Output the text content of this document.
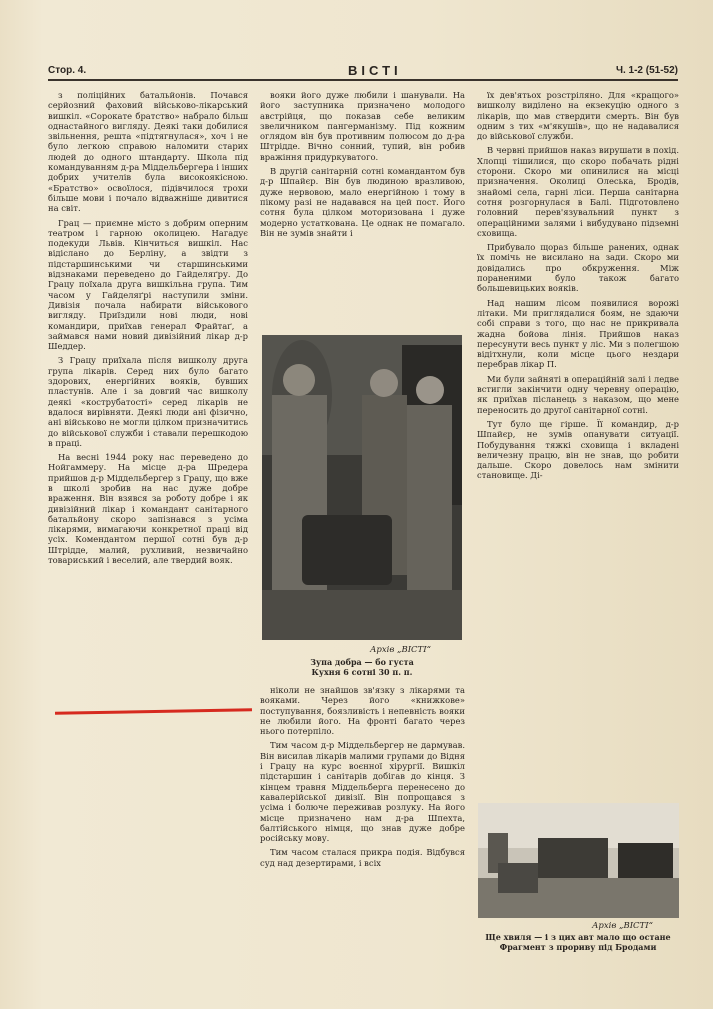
Стор. 4.	ВІСТІ	Ч. 1-2 (51-52)

з поліційних батальйонів. Почався серйозний фаховий військово-лікарський вишкіл. «Сорокате братство» набрало більш однастайного вигляду. Деякі таки добилися звільнення, решта «підтягнулася», хоч і не було легкою справою наломити старих людей до одного штандарту. Школа під командуванням д-ра Міддельбергера і інших добрих учителів була високоякісною. «Братство» освоїлося, підівчилося трохи більше мови і почало відважніше дивитися на світ.

Грац — приємне місто з добрим оперним театром і гарною околицею. Нагадує подекуди Львів. Кінчиться вишкіл. Нас відіслано до Берліну, а звідти з підстаршинськими чи старшинськими відзнаками переведено до Гайделяґру. До Грацу поїхала друга вишкільна група. Тим часом у Гайделяґрі наступили зміни. Дивізія почала набирати військового вигляду. Приїздили нові люди, нові командири, приїхав генерал Фрайтаґ, а займався нами новий дивізійний лікар д-р Шеддер.

З Грацу приїхала після вишколу друга група лікарів. Серед них було багато здорових, енергійних вояків, бувших пластунів. Але і за довгий час вишколу деякі «кострубатості» серед лікарів не вдалося вирівняти. Деякі люди ані фізично, ані військово не могли цілком призначитись до військової служби і ставали перешкодою в праці.

На весні 1944 року нас переведено до Нойгаммеру. На місце д-ра Шредера прийшов д-р Міддельбергер з Грацу, що вже в школі зробив на нас дуже добре враження. Він взявся за роботу добре і як дивізійний лікар і командант санітарного батальйону скоро запізнався з усіма лікарями, вимагаючи конкретної праці від усіх. Комендантом першої сотні був д-р Штрідде, малий, рухливий, незвичайно товариський і веселий, але твердий вояк.

вояки його дуже любили і шанували. На його заступника призначено молодого австрійця, що показав себе великим звеличником пангерманізму. Під кожним оглядом він був противним полюсом до д-ра Штрідде. Вічно сонний, тупий, він робив вражіння придуркуватого.

В другій санітарній сотні командантом був д-р Шпайєр. Він був людиною вразливою, дуже нервовою, мало енергійною і тому в пікому разі не надавався на цей пост. Його сотня була цілком моторизована і дуже модерно устаткована. Це однак не помагало. Він не зумів знайти і

Архів „ВІСТІ“
Зупа добра — бо густа
Кухня 6 сотні 30 п. п.

ніколи не знайшов зв'язку з лікарями та вояками. Через його «книжкове» поступування, боязливість і непевність вояки не любили його. На фронті багато через нього потерпіло.

Тим часом д-р Міддельбергер не дармував. Він висилав лікарів малими групами до Відня і Грацу на курс воєнної хірургії. Вишкіл підстаршин і санітарів добігав до кінця. З кінцем травня Міддельберга перенесено до кавалерійської дивізії. Він попрощався з усіма і болюче переживав розлуку. На його місце призначено нам д-ра Шпехта, балтійського німця, що знав дуже добре російську мову.

Тим часом сталася прикра подія. Відбувся суд над дезертирами, і всіх

їх дев'ятьох розстріляно. Для «кращого» вишколу виділено на екзекуцію одного з лікарів, що мав ствердити смерть. Він був одним з тих «м'якушів», що не надавалися до військової служби.

В червні прийшов наказ вирушати в похід. Хлопці тішилися, що скоро побачать рідні сторони. Скоро ми опинилися на місці призначення. Околиці Олеська, Бродів, знайомі села, гарні ліси. Перша санітарна сотня розгорнулася в Балі. Підготовлено головний перев'язувальний пункт з операційними залями і вибудувано підземні сховища.

Прибувало щораз більше ранених, однак їх помічь не висилано на зади. Скоро ми довідались про обкруження. Між пораненими було також багато большевицьких вояків.

Над нашим лісом появилися ворожі літаки. Ми приглядалися боям, не здаючи собі справи з того, що нас не прикривала жадна бойова лінія. Прийшов наказ пересунути весь пункт у ліс. Ми з полегшою відітхнули, коли місце цього нездари перебрав лікар П.

Ми були зайняті в операційній залі і ледве встигли закінчити одну черевну операцію, як приїхав післанець з наказом, що мене переносить до другої санітарної сотні.

Тут було ще гірше. Її командир, д-р Шпайєр, не зумів опанувати ситуації. Побудування тяжкі сховища і вкладені величезну працю, він не знав, що робити дальше. Скоро довелось нам змінити становище. Ді-

Архів „ВІСТІ“
Ще хвиля — і з цих авт мало що остане
Фрагмент з прориву під Бродами
